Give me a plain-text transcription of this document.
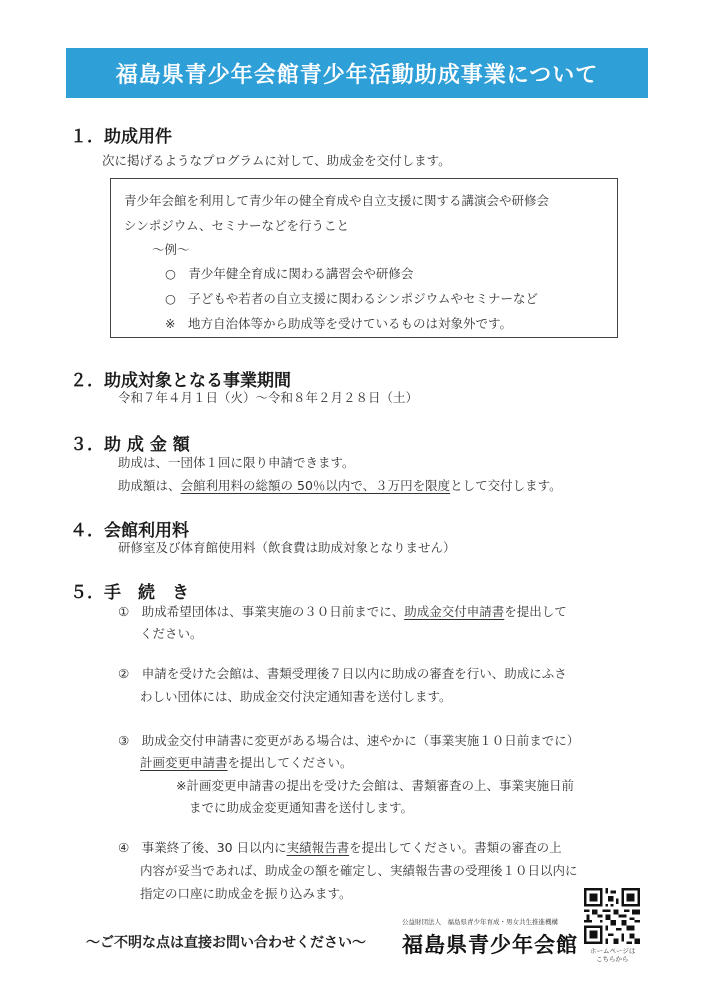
福島県青少年会館青少年活動助成事業について
１．助成用件
次に掲げるようなプログラムに対して、助成金を交付します。
青少年会館を利用して青少年の健全育成や自立支援に関する講演会や研修会
シンポジウム、セミナーなどを行うこと
～例～
○　青少年健全育成に関わる講習会や研修会
○　子どもや若者の自立支援に関わるシンポジウムやセミナーなど
※　地方自治体等から助成等を受けているものは対象外です。
２．助成対象となる事業期間
令和７年４月１日（火）～令和８年２月２８日（土）
３．助 成 金 額
助成は、一団体１回に限り申請できます。
助成額は、会館利用料の総額の 50％以内で、３万円を限度として交付します。
４．会館利用料
研修室及び体育館使用料（飲食費は助成対象となりません）
５．手　続　き
①　助成希望団体は、事業実施の３０日前までに、助成金交付申請書を提出して
ください。
②　申請を受けた会館は、書類受理後７日以内に助成の審査を行い、助成にふさ
わしい団体には、助成金交付決定通知書を送付します。
③　助成金交付申請書に変更がある場合は、速やかに（事業実施１０日前までに）
計画変更申請書を提出してください。
※計画変更申請書の提出を受けた会館は、書類審査の上、事業実施日前
までに助成金変更通知書を送付します。
④　事業終了後、30 日以内に実績報告書を提出してください。書類の審査の上
内容が妥当であれば、助成金の額を確定し、実績報告書の受理後１０日以内に
指定の口座に助成金を振り込みます。
～ご不明な点は直接お問い合わせください～
公益財団法人　福島県青少年育成・男女共生推進機構
福島県青少年会館 ホームページは
こちらから
